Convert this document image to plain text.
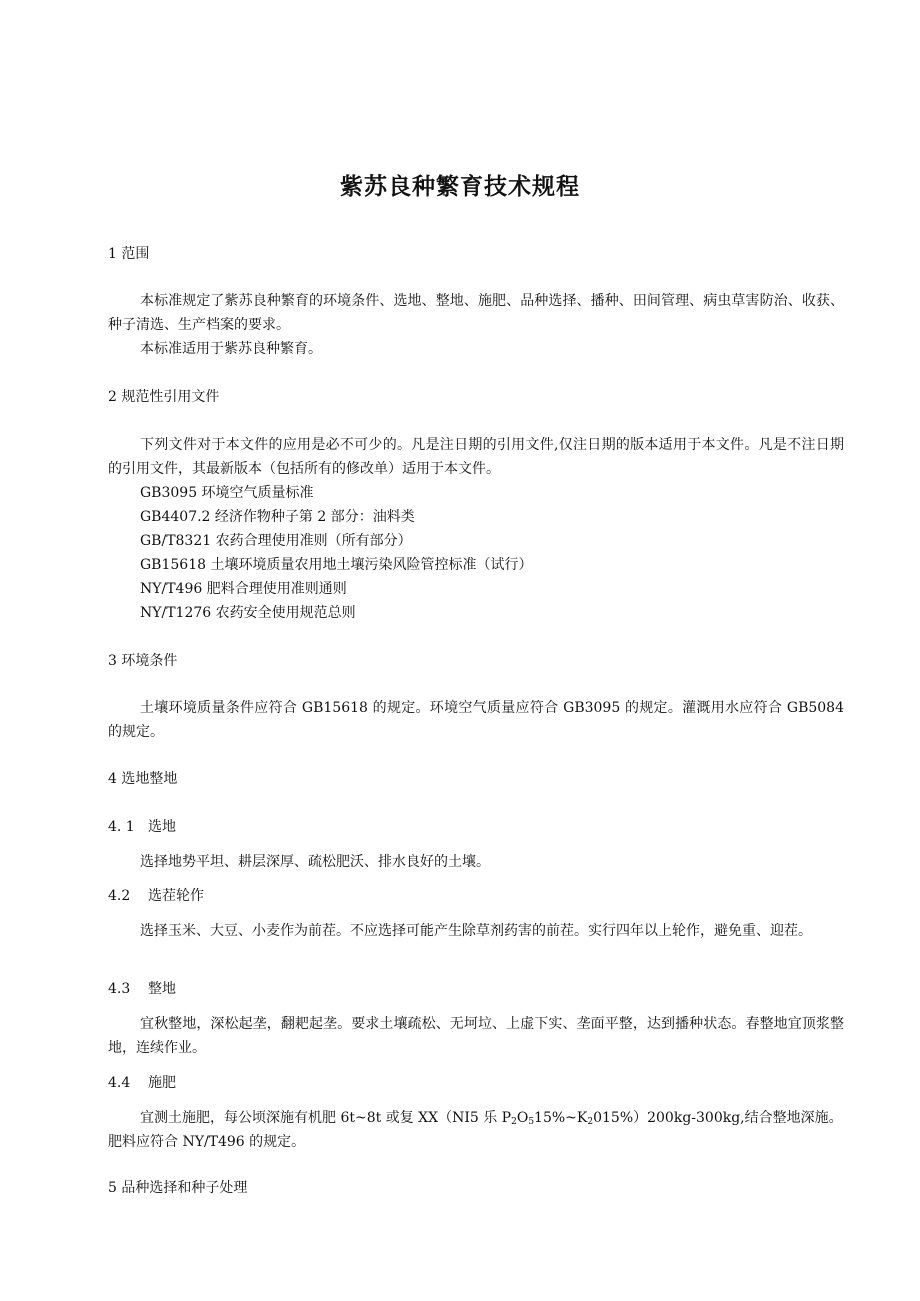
紫苏良种繁育技术规程
1 范围
本标准规定了紫苏良种繁育的环境条件、选地、整地、施肥、品种选择、播种、田间管理、病虫草害防治、收获、种子清选、生产档案的要求。
本标准适用于紫苏良种繁育。
2 规范性引用文件
下列文件对于本文件的应用是必不可少的。凡是注日期的引用文件,仅注日期的版本适用于本文件。凡是不注日期的引用文件，其最新版本（包括所有的修改单）适用于本文件。
GB3095 环境空气质量标准
GB4407.2 经济作物种子第 2 部分：油料类
GB/T8321 农药合理使用准则（所有部分）
GB15618 土壤环境质量农用地土壤污染风险管控标准（试行）
NY/T496 肥料合理使用准则通则
NY/T1276 农药安全使用规范总则
3 环境条件
土壤环境质量条件应符合 GB15618 的规定。环境空气质量应符合 GB3095 的规定。灌溉用水应符合 GB5084 的规定。
4 选地整地
4. 1 选地
选择地势平坦、耕层深厚、疏松肥沃、排水良好的土壤。
4.2 选茬轮作
选择玉米、大豆、小麦作为前茬。不应选择可能产生除草剂药害的前茬。实行四年以上轮作，避免重、迎茬。
4.3 整地
宜秋整地，深松起垄，翻耙起垄。要求土壤疏松、无坷垃、上虚下实、垄面平整，达到播种状态。春整地宜顶浆整地，连续作业。
4.4 施肥
宜测土施肥，每公顷深施有机肥 6t~8t 或复 XX（NI5 乐 $P_2O_515\%\sim K_2015\%)200kg-300kg$,结合整地深施。肥料应符合 NY/T496 的规定。
5 品种选择和种子处理
